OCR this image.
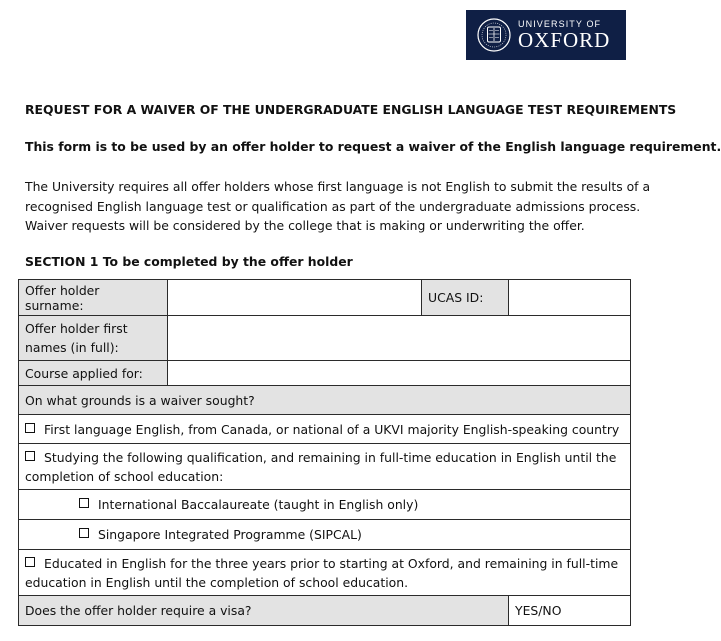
UNIVERSITY OF
OXFORD
REQUEST FOR A WAIVER OF THE UNDERGRADUATE ENGLISH LANGUAGE TEST REQUIREMENTS
This form is to be used by an offer holder to request a waiver of the English language requirement.
The University requires all offer holders whose first language is not English to submit the results of a
recognised English language test or qualification as part of the undergraduate admissions process.
Waiver requests will be considered by the college that is making or underwriting the offer.
SECTION 1 To be completed by the offer holder
Offer holder surname:		UCAS ID:	
Offer holder first
names (in full):			
Course applied for:			
On what grounds is a waiver sought?			
First language English, from Canada, or national of a UKVI majority English-speaking country			
Studying the following qualification, and remaining in full-time education in English until the
completion of school education:			
International Baccalaureate (taught in English only)			
Singapore Integrated Programme (SIPCAL)			
Educated in English for the three years prior to starting at Oxford, and remaining in full-time
education in English until the completion of school education.			
Does the offer holder require a visa?			YES/NO
